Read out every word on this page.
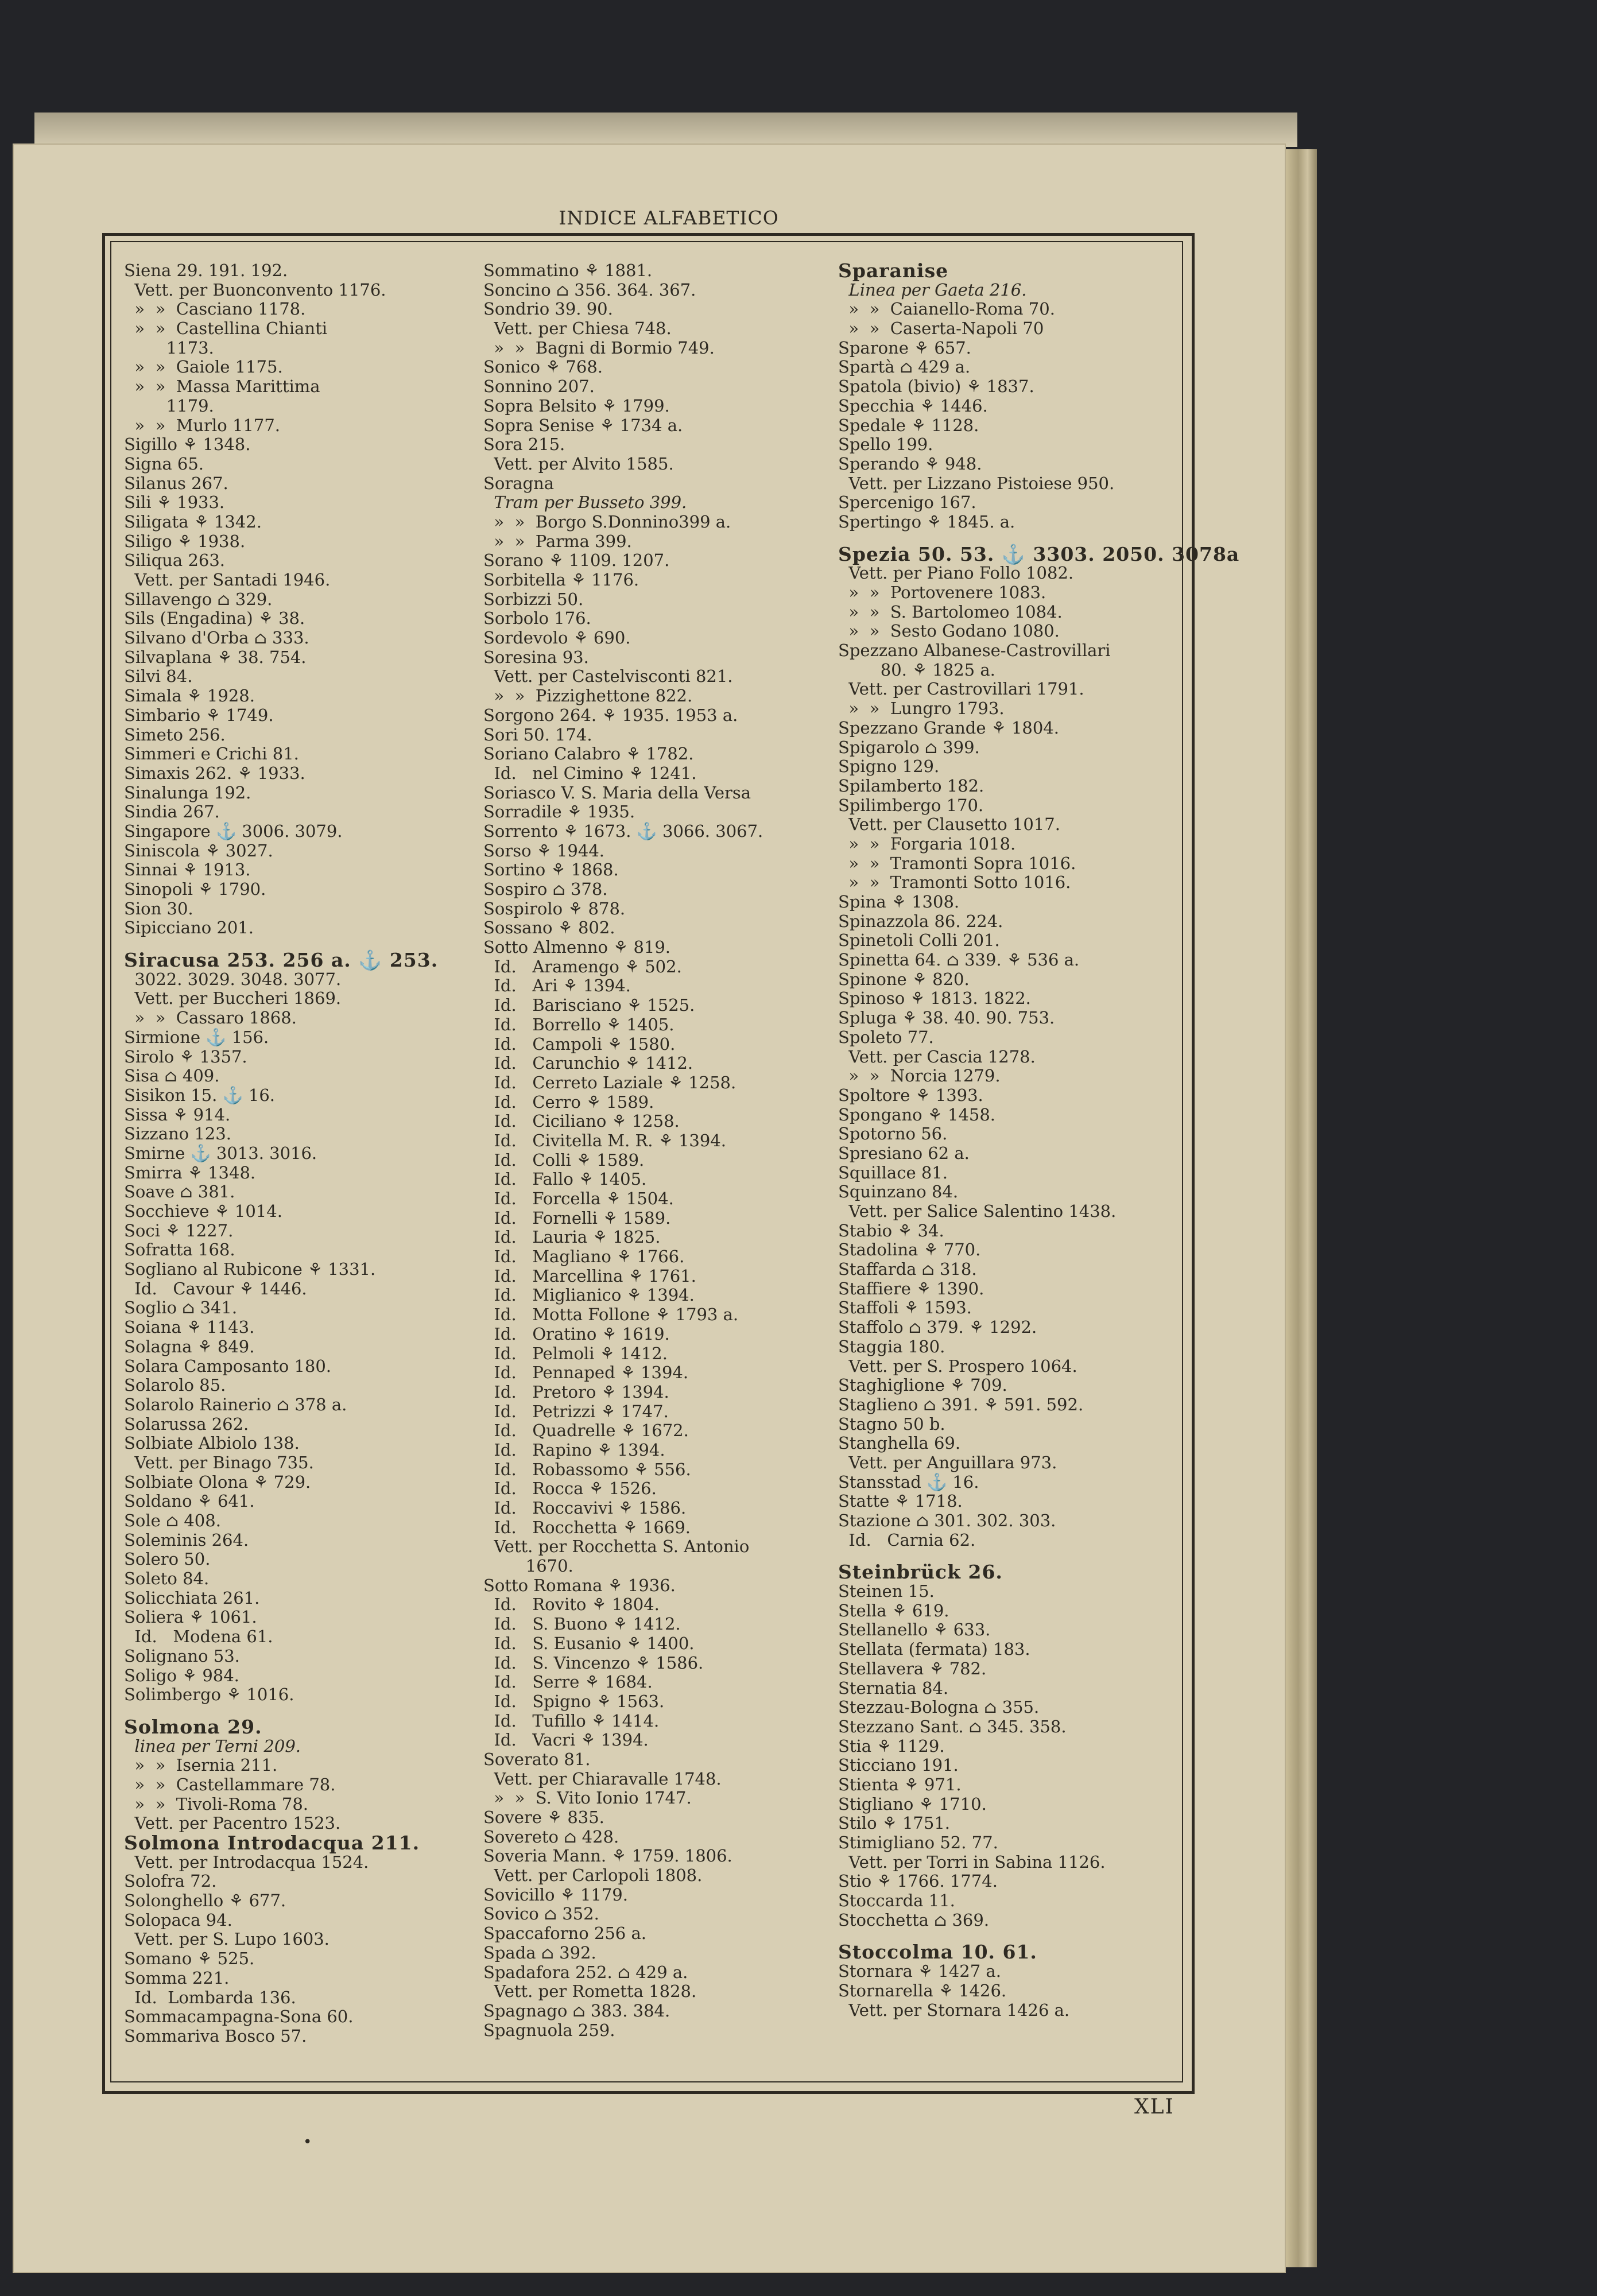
INDICE ALFABETICO
Siena 29. 191. 192.
Vett. per Buonconvento 1176.
»  »  Casciano 1178.
»  »  Castellina Chianti
1173.
»  »  Gaiole 1175.
»  »  Massa Marittima
1179.
»  »  Murlo 1177.
Sigillo ⚘ 1348.
Signa 65.
Silanus 267.
Sili ⚘ 1933.
Siligata ⚘ 1342.
Siligo ⚘ 1938.
Siliqua 263.
Vett. per Santadi 1946.
Sillavengo ⌂ 329.
Sils (Engadina) ⚘ 38.
Silvano d'Orba ⌂ 333.
Silvaplana ⚘ 38. 754.
Silvi 84.
Simala ⚘ 1928.
Simbario ⚘ 1749.
Simeto 256.
Simmeri e Crichi 81.
Simaxis 262. ⚘ 1933.
Sinalunga 192.
Sindia 267.
Singapore ⚓ 3006. 3079.
Siniscola ⚘ 3027.
Sinnai ⚘ 1913.
Sinopoli ⚘ 1790.
Sion 30.
Sipicciano 201.
Siracusa 253. 256 a. ⚓ 253.
3022. 3029. 3048. 3077.
Vett. per Buccheri 1869.
»  »  Cassaro 1868.
Sirmione ⚓ 156.
Sirolo ⚘ 1357.
Sisa ⌂ 409.
Sisikon 15. ⚓ 16.
Sissa ⚘ 914.
Sizzano 123.
Smirne ⚓ 3013. 3016.
Smirra ⚘ 1348.
Soave ⌂ 381.
Socchieve ⚘ 1014.
Soci ⚘ 1227.
Sofratta 168.
Sogliano al Rubicone ⚘ 1331.
Id.   Cavour ⚘ 1446.
Soglio ⌂ 341.
Soiana ⚘ 1143.
Solagna ⚘ 849.
Solara Camposanto 180.
Solarolo 85.
Solarolo Rainerio ⌂ 378 a.
Solarussa 262.
Solbiate Albiolo 138.
Vett. per Binago 735.
Solbiate Olona ⚘ 729.
Soldano ⚘ 641.
Sole ⌂ 408.
Soleminis 264.
Solero 50.
Soleto 84.
Solicchiata 261.
Soliera ⚘ 1061.
Id.   Modena 61.
Solignano 53.
Soligo ⚘ 984.
Solimbergo ⚘ 1016.
Solmona 29.
linea per Terni 209.
»  »  Isernia 211.
»  »  Castellammare 78.
»  »  Tivoli-Roma 78.
Vett. per Pacentro 1523.
Solmona Introdacqua 211.
Vett. per Introdacqua 1524.
Solofra 72.
Solonghello ⚘ 677.
Solopaca 94.
Vett. per S. Lupo 1603.
Somano ⚘ 525.
Somma 221.
Id.  Lombarda 136.
Sommacampagna-Sona 60.
Sommariva Bosco 57.
Sommatino ⚘ 1881.
Soncino ⌂ 356. 364. 367.
Sondrio 39. 90.
Vett. per Chiesa 748.
»  »  Bagni di Bormio 749.
Sonico ⚘ 768.
Sonnino 207.
Sopra Belsito ⚘ 1799.
Sopra Senise ⚘ 1734 a.
Sora 215.
Vett. per Alvito 1585.
Soragna
Tram per Busseto 399.
»  »  Borgo S.Donnino399 a.
»  »  Parma 399.
Sorano ⚘ 1109. 1207.
Sorbitella ⚘ 1176.
Sorbizzi 50.
Sorbolo 176.
Sordevolo ⚘ 690.
Soresina 93.
Vett. per Castelvisconti 821.
»  »  Pizzighettone 822.
Sorgono 264. ⚘ 1935. 1953 a.
Sori 50. 174.
Soriano Calabro ⚘ 1782.
Id.   nel Cimino ⚘ 1241.
Soriasco V. S. Maria della Versa
Sorradile ⚘ 1935.
Sorrento ⚘ 1673. ⚓ 3066. 3067.
Sorso ⚘ 1944.
Sortino ⚘ 1868.
Sospiro ⌂ 378.
Sospirolo ⚘ 878.
Sossano ⚘ 802.
Sotto Almenno ⚘ 819.
Id.   Aramengo ⚘ 502.
Id.   Ari ⚘ 1394.
Id.   Barisciano ⚘ 1525.
Id.   Borrello ⚘ 1405.
Id.   Campoli ⚘ 1580.
Id.   Carunchio ⚘ 1412.
Id.   Cerreto Laziale ⚘ 1258.
Id.   Cerro ⚘ 1589.
Id.   Ciciliano ⚘ 1258.
Id.   Civitella M. R. ⚘ 1394.
Id.   Colli ⚘ 1589.
Id.   Fallo ⚘ 1405.
Id.   Forcella ⚘ 1504.
Id.   Fornelli ⚘ 1589.
Id.   Lauria ⚘ 1825.
Id.   Magliano ⚘ 1766.
Id.   Marcellina ⚘ 1761.
Id.   Miglianico ⚘ 1394.
Id.   Motta Follone ⚘ 1793 a.
Id.   Oratino ⚘ 1619.
Id.   Pelmoli ⚘ 1412.
Id.   Pennaped ⚘ 1394.
Id.   Pretoro ⚘ 1394.
Id.   Petrizzi ⚘ 1747.
Id.   Quadrelle ⚘ 1672.
Id.   Rapino ⚘ 1394.
Id.   Robassomo ⚘ 556.
Id.   Rocca ⚘ 1526.
Id.   Roccavivi ⚘ 1586.
Id.   Rocchetta ⚘ 1669.
Vett. per Rocchetta S. Antonio
1670.
Sotto Romana ⚘ 1936.
Id.   Rovito ⚘ 1804.
Id.   S. Buono ⚘ 1412.
Id.   S. Eusanio ⚘ 1400.
Id.   S. Vincenzo ⚘ 1586.
Id.   Serre ⚘ 1684.
Id.   Spigno ⚘ 1563.
Id.   Tufillo ⚘ 1414.
Id.   Vacri ⚘ 1394.
Soverato 81.
Vett. per Chiaravalle 1748.
»  »  S. Vito Ionio 1747.
Sovere ⚘ 835.
Sovereto ⌂ 428.
Soveria Mann. ⚘ 1759. 1806.
Vett. per Carlopoli 1808.
Sovicillo ⚘ 1179.
Sovico ⌂ 352.
Spaccaforno 256 a.
Spada ⌂ 392.
Spadafora 252. ⌂ 429 a.
Vett. per Rometta 1828.
Spagnago ⌂ 383. 384.
Spagnuola 259.
Sparanise
Linea per Gaeta 216.
»  »  Caianello-Roma 70.
»  »  Caserta-Napoli 70
Sparone ⚘ 657.
Spartà ⌂ 429 a.
Spatola (bivio) ⚘ 1837.
Specchia ⚘ 1446.
Spedale ⚘ 1128.
Spello 199.
Sperando ⚘ 948.
Vett. per Lizzano Pistoiese 950.
Spercenigo 167.
Spertingo ⚘ 1845. a.
Spezia 50. 53. ⚓ 3303. 2050. 3078a
Vett. per Piano Follo 1082.
»  »  Portovenere 1083.
»  »  S. Bartolomeo 1084.
»  »  Sesto Godano 1080.
Spezzano Albanese-Castrovillari
80. ⚘ 1825 a.
Vett. per Castrovillari 1791.
»  »  Lungro 1793.
Spezzano Grande ⚘ 1804.
Spigarolo ⌂ 399.
Spigno 129.
Spilamberto 182.
Spilimbergo 170.
Vett. per Clausetto 1017.
»  »  Forgaria 1018.
»  »  Tramonti Sopra 1016.
»  »  Tramonti Sotto 1016.
Spina ⚘ 1308.
Spinazzola 86. 224.
Spinetoli Colli 201.
Spinetta 64. ⌂ 339. ⚘ 536 a.
Spinone ⚘ 820.
Spinoso ⚘ 1813. 1822.
Spluga ⚘ 38. 40. 90. 753.
Spoleto 77.
Vett. per Cascia 1278.
»  »  Norcia 1279.
Spoltore ⚘ 1393.
Spongano ⚘ 1458.
Spotorno 56.
Spresiano 62 a.
Squillace 81.
Squinzano 84.
Vett. per Salice Salentino 1438.
Stabio ⚘ 34.
Stadolina ⚘ 770.
Staffarda ⌂ 318.
Staffiere ⚘ 1390.
Staffoli ⚘ 1593.
Staffolo ⌂ 379. ⚘ 1292.
Staggia 180.
Vett. per S. Prospero 1064.
Staghiglione ⚘ 709.
Staglieno ⌂ 391. ⚘ 591. 592.
Stagno 50 b.
Stanghella 69.
Vett. per Anguillara 973.
Stansstad ⚓ 16.
Statte ⚘ 1718.
Stazione ⌂ 301. 302. 303.
Id.   Carnia 62.
Steinbrück 26.
Steinen 15.
Stella ⚘ 619.
Stellanello ⚘ 633.
Stellata (fermata) 183.
Stellavera ⚘ 782.
Sternatia 84.
Stezzau-Bologna ⌂ 355.
Stezzano Sant. ⌂ 345. 358.
Stia ⚘ 1129.
Sticciano 191.
Stienta ⚘ 971.
Stigliano ⚘ 1710.
Stilo ⚘ 1751.
Stimigliano 52. 77.
Vett. per Torri in Sabina 1126.
Stio ⚘ 1766. 1774.
Stoccarda 11.
Stocchetta ⌂ 369.
Stoccolma 10. 61.
Stornara ⚘ 1427 a.
Stornarella ⚘ 1426.
Vett. per Stornara 1426 a.
XLI
•
